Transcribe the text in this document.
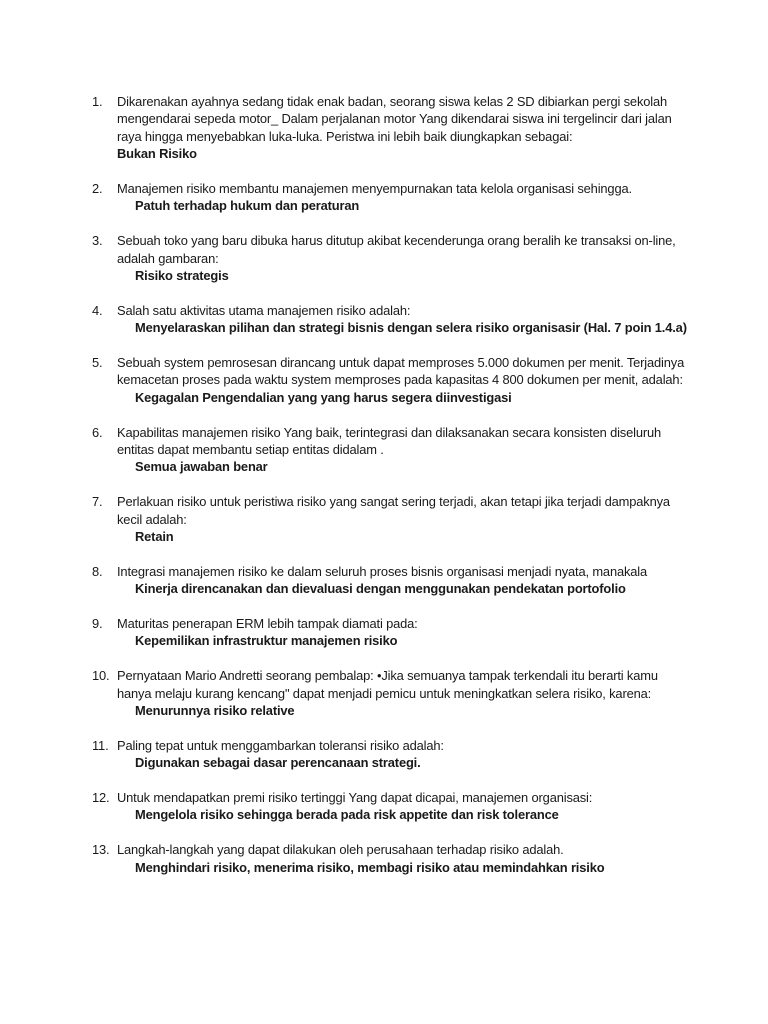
1. Dikarenakan ayahnya sedang tidak enak badan, seorang siswa kelas 2 SD dibiarkan pergi sekolah mengendarai sepeda motor_ Dalam perjalanan motor Yang dikendarai siswa ini tergelincir dari jalan raya hingga menyebabkan luka-luka. Peristwa ini lebih baik diungkapkan sebagai:
Bukan Risiko
2. Manajemen risiko membantu manajemen menyempurnakan tata kelola organisasi sehingga.
Patuh terhadap hukum dan peraturan
3. Sebuah toko yang baru dibuka harus ditutup akibat kecenderunga orang beralih ke transaksi on-line, adalah gambaran:
Risiko strategis
4. Salah satu aktivitas utama manajemen risiko adalah:
Menyelaraskan pilihan dan strategi bisnis dengan selera risiko organisasir (Hal. 7 poin 1.4.a)
5. Sebuah system pemrosesan dirancang untuk dapat memproses 5.000 dokumen per menit. Terjadinya kemacetan proses pada waktu system memproses pada kapasitas 4 800 dokumen per menit, adalah:
Kegagalan Pengendalian yang yang harus segera diinvestigasi
6. Kapabilitas manajemen risiko Yang baik, terintegrasi dan dilaksanakan secara konsisten diseluruh entitas dapat membantu setiap entitas didalam .
Semua jawaban benar
7. Perlakuan risiko untuk peristiwa risiko yang sangat sering terjadi, akan tetapi jika terjadi dampaknya kecil adalah:
Retain
8. Integrasi manajemen risiko ke dalam seluruh proses bisnis organisasi menjadi nyata, manakala
Kinerja direncanakan dan dievaluasi dengan menggunakan pendekatan portofolio
9. Maturitas penerapan ERM lebih tampak diamati pada:
Kepemilikan infrastruktur manajemen risiko
10. Pernyataan Mario Andretti seorang pembalap: •Jika semuanya tampak terkendali itu berarti kamu hanya melaju kurang kencang" dapat menjadi pemicu untuk meningkatkan selera risiko, karena:
Menurunnya risiko relative
11. Paling tepat untuk menggambarkan toleransi risiko adalah:
Digunakan sebagai dasar perencanaan strategi.
12. Untuk mendapatkan premi risiko tertinggi Yang dapat dicapai, manajemen organisasi:
Mengelola risiko sehingga berada pada risk appetite dan risk tolerance
13. Langkah-langkah yang dapat dilakukan oleh perusahaan terhadap risiko adalah.
Menghindari risiko, menerima risiko, membagi risiko atau memindahkan risiko
